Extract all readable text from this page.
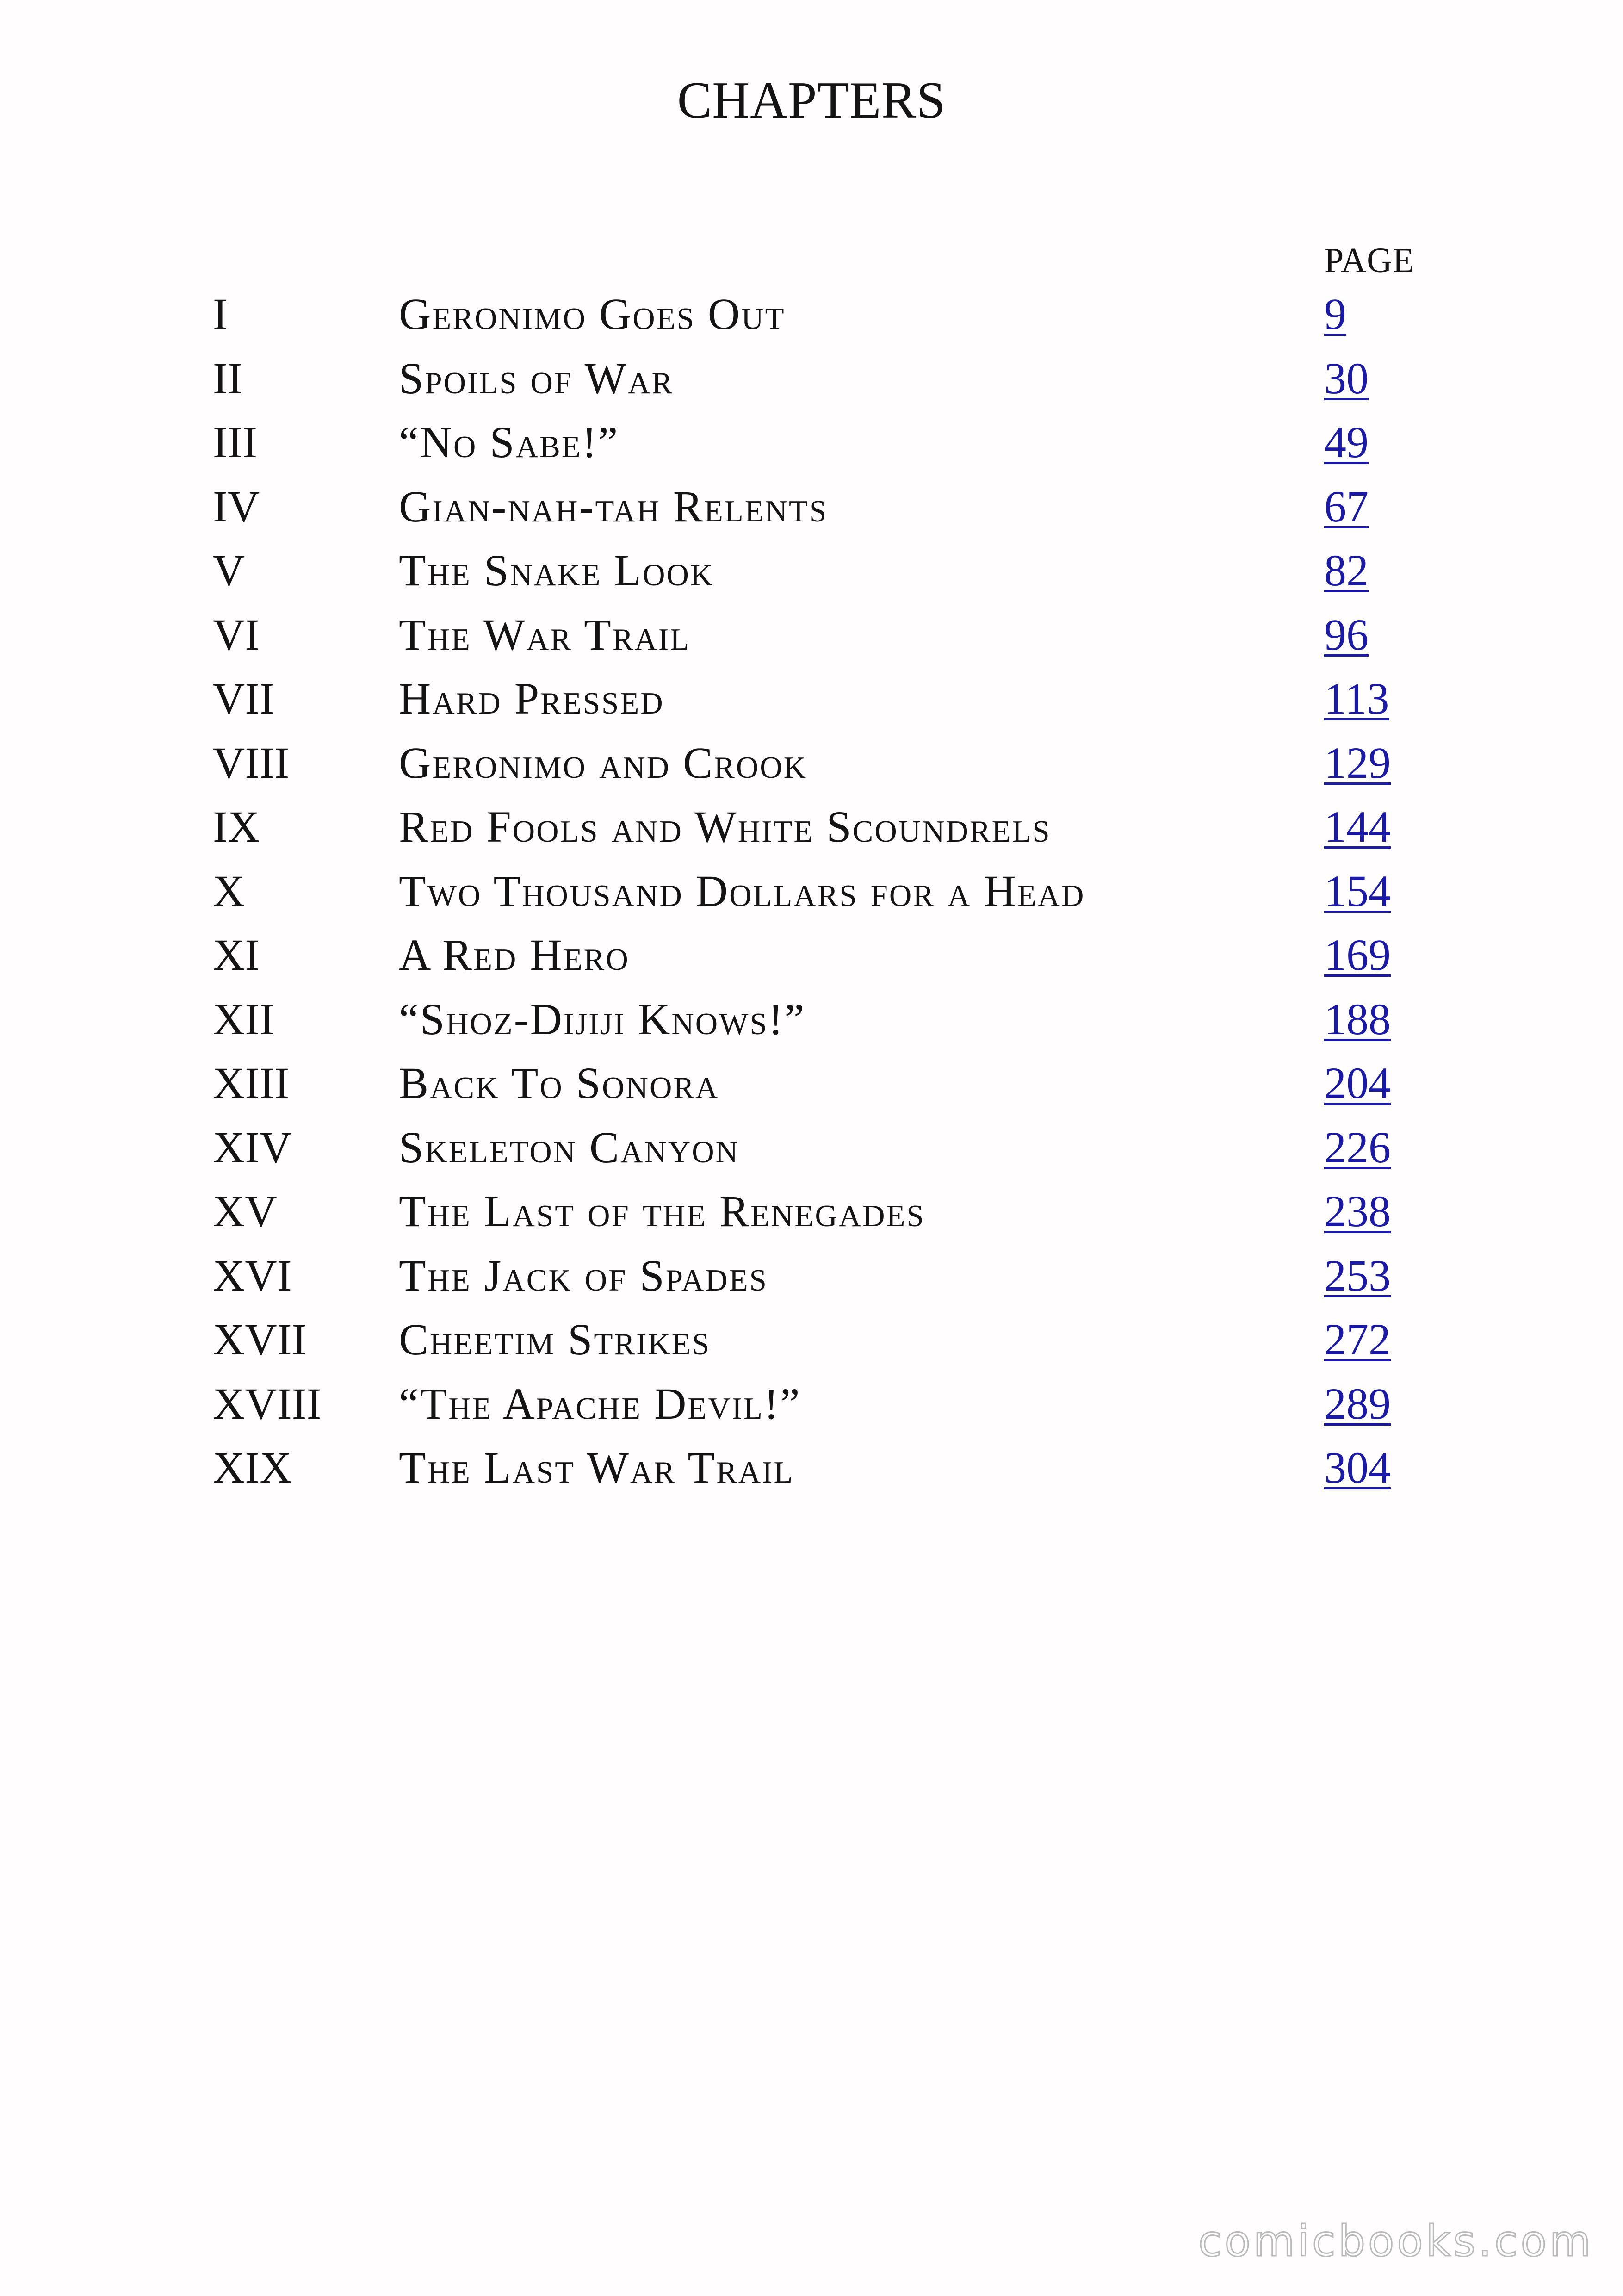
CHAPTERS
PAGE
I	Geronimo Goes Out	9
II	Spoils of War	30
III	“No Sabe!”	49
IV	Gian-nah-tah Relents	67
V	The Snake Look	82
VI	The War Trail	96
VII	Hard Pressed	113
VIII Geronimo and Crook	129
IX	Red Fools and White Scoundrels	144
X	Two Thousand Dollars for a Head	154
XI	A Red Hero	169
XII	“Shoz-Dijiji Knows!”	188
XIII Back To Sonora	204
XIV Skeleton Canyon	226
XV	The Last of the Renegades	238
XVI The Jack of Spades	253
XVII Cheetim Strikes	272
XVIII “The Apache Devil!”	289
XIX The Last War Trail	304
comicbooks.com
